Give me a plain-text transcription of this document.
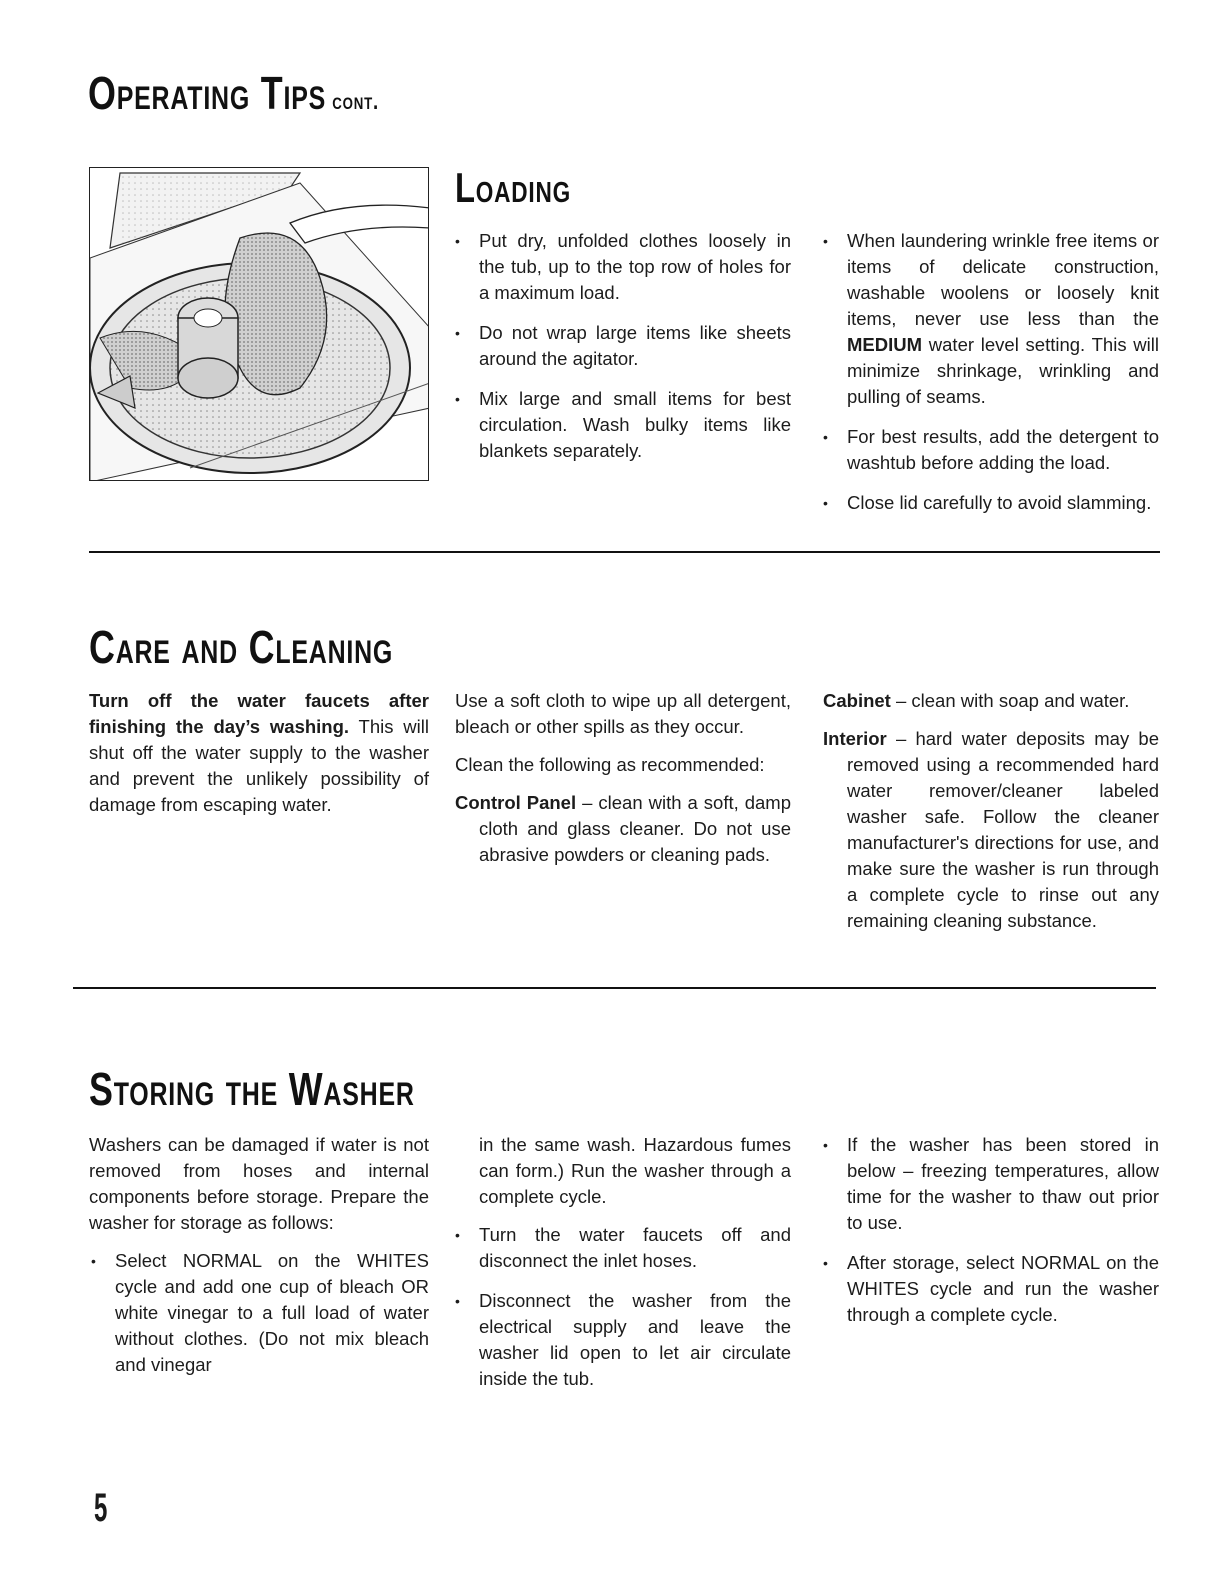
Operating Tips cont.
Loading
• Put dry, unfolded clothes loosely in the tub, up to the top row of holes for a maximum load.
• Do not wrap large items like sheets around the agitator.
• Mix large and small items for best circulation. Wash bulky items like blankets separately.
• When laundering wrinkle free items or items of delicate construction, washable woolens or loosely knit items, never use less than the MEDIUM water level setting. This will minimize shrinkage, wrinkling and pulling of seams.
• For best results, add the detergent to washtub before adding the load.
• Close lid carefully to avoid slamming.
Care and Cleaning

Turn off the water faucets after finishing the day’s washing. This will shut off the water supply to the washer and prevent the unlikely possibility of damage from escaping water.

Use a soft cloth to wipe up all detergent, bleach or other spills as they occur.

Clean the following as recommended:

Control Panel – clean with a soft, damp cloth and glass cleaner. Do not use abrasive powders or cleaning pads.

Cabinet – clean with soap and water.

Interior – hard water deposits may be removed using a recommended hard water remover/cleaner labeled washer safe. Follow the cleaner manufacturer's directions for use, and make sure the washer is run through a complete cycle to rinse out any remaining cleaning substance.

Storing the Washer

Washers can be damaged if water is not removed from hoses and internal components before storage. Prepare the washer for storage as follows:

• Select NORMAL on the WHITES cycle and add one cup of bleach OR white vinegar to a full load of water without clothes. (Do not mix bleach and vinegar

in the same wash. Hazardous fumes can form.) Run the washer through a complete cycle.

• Turn the water faucets off and disconnect the inlet hoses.
• Disconnect the washer from the electrical supply and leave the washer lid open to let air circulate inside the tub.
• If the washer has been stored in below – freezing temperatures, allow time for the washer to thaw out prior to use.
• After storage, select NORMAL on the WHITES cycle and run the washer through a complete cycle.
5
